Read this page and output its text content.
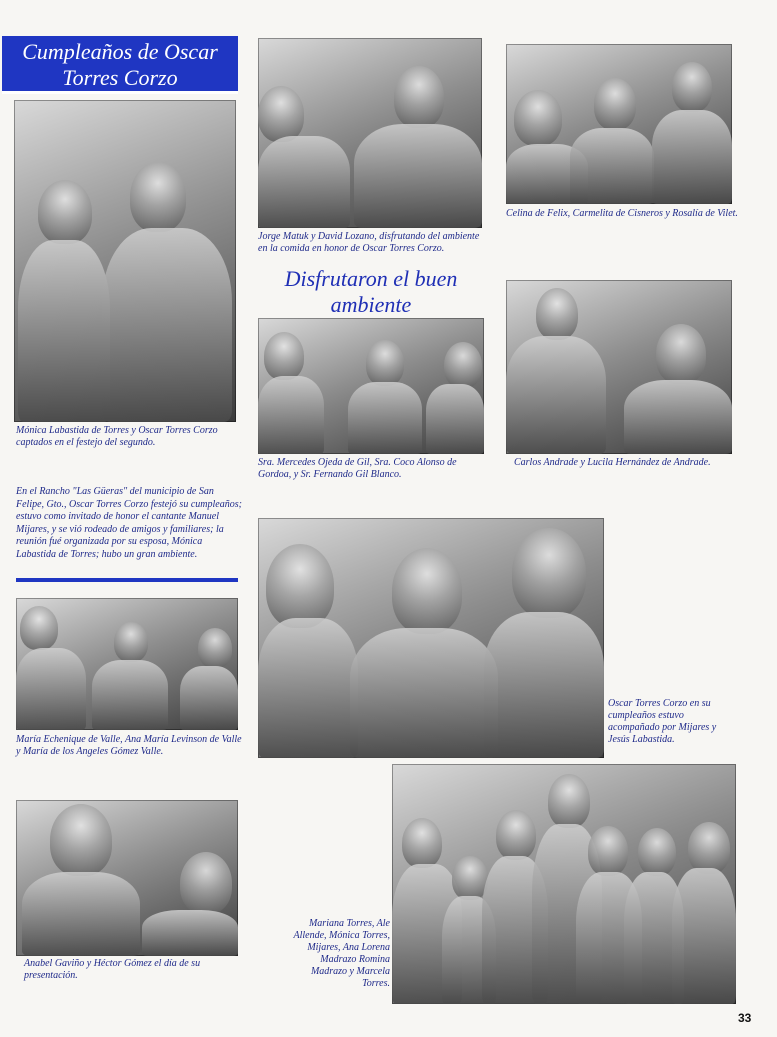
Cumpleaños de Oscar Torres Corzo
Mónica Labastida de Torres y Oscar Torres Corzo captados en el festejo del segundo.
En el Rancho "Las Güeras" del municipio de San Felipe, Gto., Oscar Torres Corzo festejó su cumpleaños; estuvo como invitado de honor el cantante Manuel Mijares, y se vió rodeado de amigos y familiares; la reunión fué organizada por su esposa, Mónica Labastida de Torres; hubo un gran ambiente.
María Echenique de Valle, Ana María Levinson de Valle y María de los Angeles Gómez Valle.
Anabel Gaviño y Héctor Gómez el día de su presentación.
Jorge Matuk y David Lozano, disfrutando del ambiente en la comida en honor de Oscar Torres Corzo.
Disfrutaron el buen ambiente
Sra. Mercedes Ojeda de Gil, Sra. Coco Alonso de Gordoa, y Sr. Fernando Gil Blanco.
Celina de Felix, Carmelita de Cisneros y Rosalía de Vilet.
Carlos Andrade y Lucila Hernández de Andrade.
Oscar Torres Corzo en su cumpleaños estuvo acompañado por Mijares y Jesús Labastida.
Mariana Torres, Ale Allende, Mónica Torres, Mijares, Ana Lorena Madrazo Romina Madrazo y Marcela Torres.
33
